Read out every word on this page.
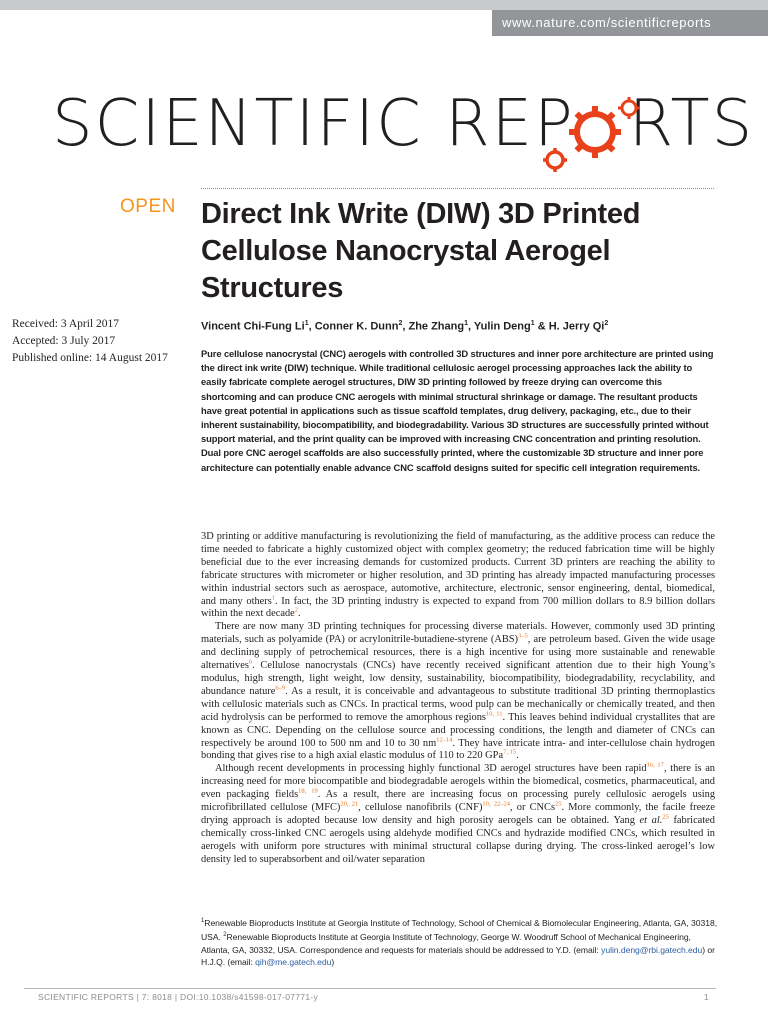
www.nature.com/scientificreports
SCIENTIFIC REP RTS
OPEN Direct Ink Write (DIW) 3D Printed Cellulose Nanocrystal Aerogel Structures
Received: 3 April 2017
Accepted: 3 July 2017
Published online: 14 August 2017
Vincent Chi-Fung Li$^1$, Conner K. Dunn$^2$, Zhe Zhang$^1$, Yulin Deng$^1$ & H. Jerry Qi$^2$

Pure cellulose nanocrystal (CNC) aerogels with controlled 3D structures and inner pore architecture are printed using the direct ink write (DIW) technique. While traditional cellulosic aerogel processing approaches lack the ability to easily fabricate complete aerogel structures, DIW 3D printing followed by freeze drying can overcome this shortcoming and can produce CNC aerogels with minimal structural shrinkage or damage. The resultant products have great potential in applications such as tissue scaffold templates, drug delivery, packaging, etc., due to their inherent sustainability, biocompatibility, and biodegradability. Various 3D structures are successfully printed without support material, and the print quality can be improved with increasing CNC concentration and printing resolution. Dual pore CNC aerogel scaffolds are also successfully printed, where the customizable 3D structure and inner pore architecture can potentially enable advance CNC scaffold designs suited for specific cell integration requirements.

3D printing or additive manufacturing is revolutionizing the field of manufacturing, as the additive process can reduce the time needed to fabricate a highly customized object with complex geometry; the reduced fabrication time will be highly beneficial due to the ever increasing demands for customized products. Current 3D printers are reaching the ability to fabricate structures with micrometer or higher resolution, and 3D printing has already impacted manufacturing processes within industrial sectors such as aerospace, automotive, architecture, electronic, sensor engineering, dental, biomedical, and many others$^1$. In fact, the 3D printing industry is expected to expand from 700 million dollars to 8.9 billion dollars within the next decade$^2$.

There are now many 3D printing techniques for processing diverse materials. However, commonly used 3D printing materials, such as polyamide (PA) or acrylonitrile-butadiene-styrene (ABS)$^{3-5}$, are petroleum based. Given the wide usage and declining supply of petrochemical resources, there is a high incentive for using more sustainable and renewable alternatives$^6$. Cellulose nanocrystals (CNCs) have recently received significant attention due to their high Young’s modulus, high strength, light weight, low density, sustainability, biocompatibility, biodegradability, recyclability, and abundance nature$^{6-9}$. As a result, it is conceivable and advantageous to substitute traditional 3D printing thermoplastics with cellulosic materials such as CNCs. In practical terms, wood pulp can be mechanically or chemically treated, and then acid hydrolysis can be performed to remove the amorphous regions$^{10, 11}$. This leaves behind individual crystallites that are known as CNC. Depending on the cellulose source and processing conditions, the length and diameter of CNCs can respectively be around 100 to 500 nm and 10 to 30 $nm^{12-14}$. They have intricate intra- and inter-cellulose chain hydrogen bonding that gives rise to a high axial elastic modulus of 110 to 220 GPa$^{7, 15}$.

Although recent developments in processing highly functional 3D aerogel structures have been rapid$^{16, 17}$, there is an increasing need for more biocompatible and biodegradable aerogels within the biomedical, cosmetics, pharmaceutical, and even packaging fields$^{18, 19}$. As a result, there are increasing focus on processing purely cellulosic aerogels using microfibrillated cellulose (MFC)$^{20, 21}$, cellulose nanofibrils (CNF)$^{10, 22-24}$, or CNCs$^{25}$. More commonly, the facile freeze drying approach is adopted because low density and high porosity aerogels can be obtained. Yang et al.$^{25}$ fabricated chemically cross-linked CNC aerogels using aldehyde modified CNCs and hydrazide modified CNCs, which resulted in aerogels with uniform pore structures with minimal structural collapse during drying. The cross-linked aerogel’s low density led to superabsorbent and oil/water separation

$^1$Renewable Bioproducts Institute at Georgia Institute of Technology, School of Chemical & Biomolecular Engineering, Atlanta, GA, 30318, USA. $^2$Renewable Bioproducts Institute at Georgia Institute of Technology, George W. Woodruff School of Mechanical Engineering, Atlanta, GA, 30332, USA. Correspondence and requests for materials should be addressed to Y.D. (email: yulin.deng@rbi.gatech.edu) or H.J.Q. (email: qih@me.gatech.edu)
SCIENTIFIC REPORTS | 7: 8018 | DOI:10.1038/s41598-017-07771-y	1
